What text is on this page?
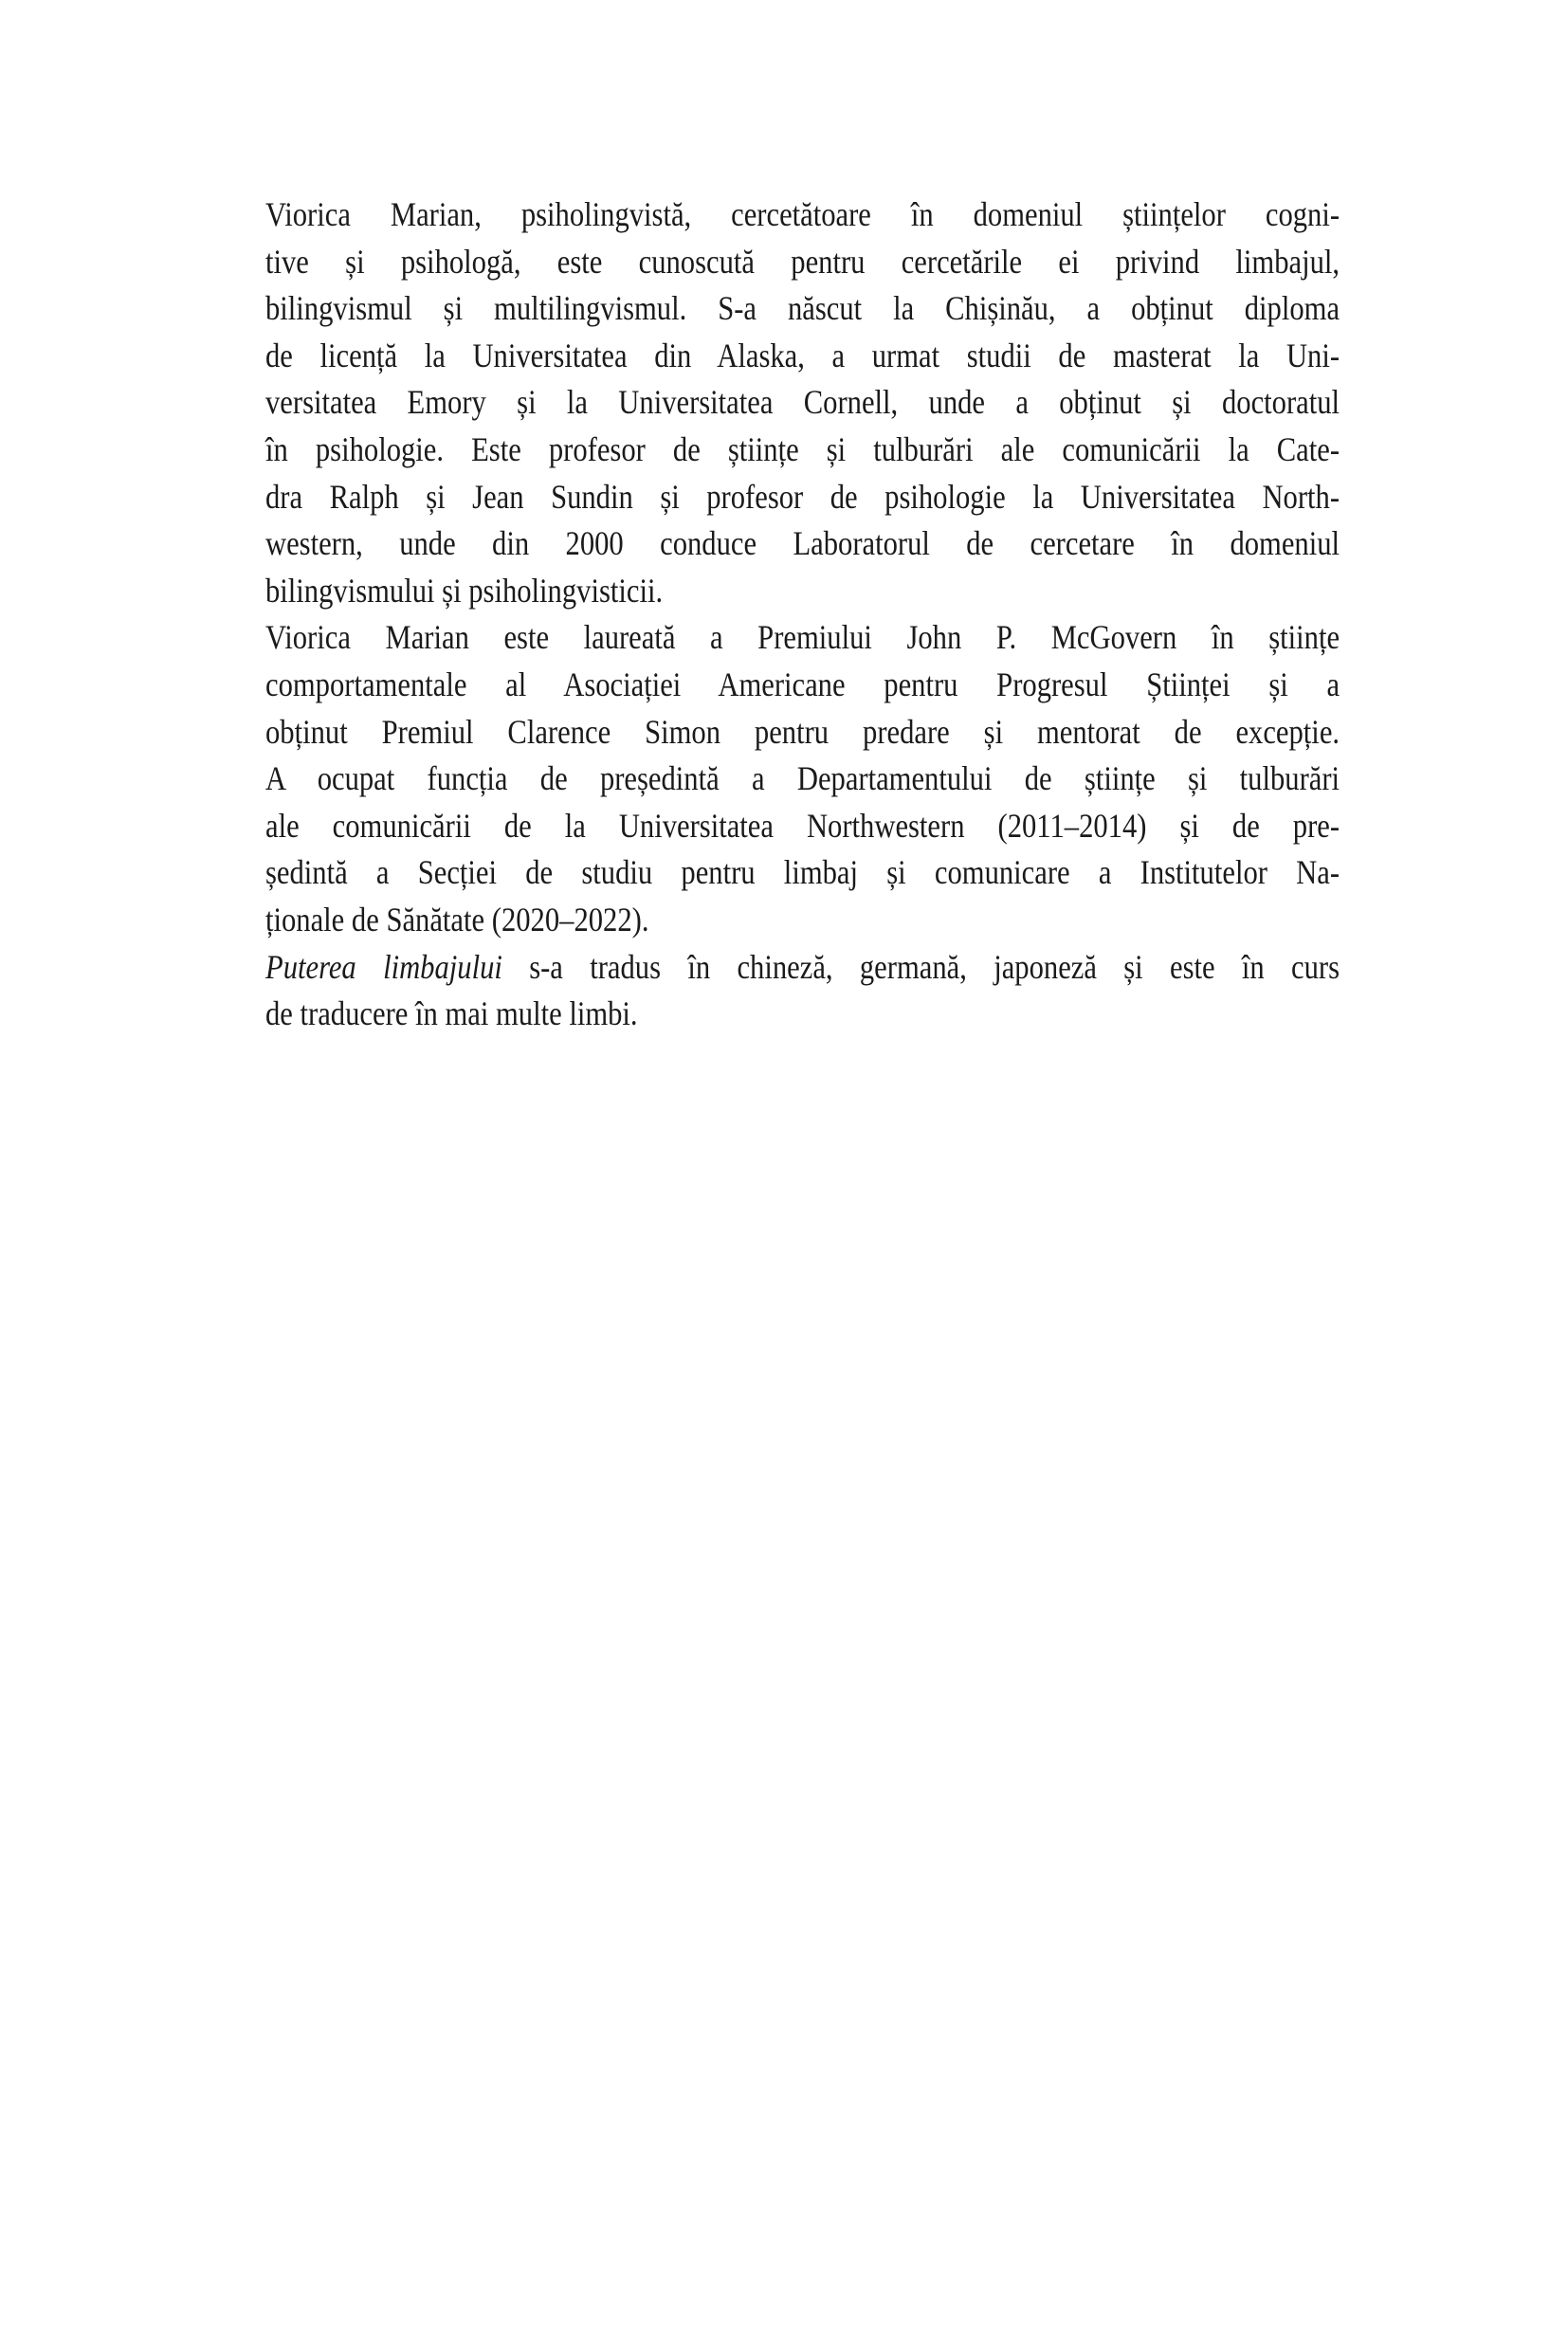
Viorica Marian, psiholingvistă, cercetătoare în domeniul științelor cogni-
tive și psihologă, este cunoscută pentru cercetările ei privind limbajul,
bilingvismul și multilingvismul. S-a născut la Chișinău, a obținut diploma
de licență la Universitatea din Alaska, a urmat studii de masterat la Uni-
versitatea Emory și la Universitatea Cornell, unde a obținut și doctoratul
în psihologie. Este profesor de științe și tulburări ale comunicării la Cate-
dra Ralph și Jean Sundin și profesor de psihologie la Universitatea North-
western, unde din 2000 conduce Laboratorul de cercetare în domeniul
bilingvismului și psiholingvisticii.
Viorica Marian este laureată a Premiului John P. McGovern în științe
comportamentale al Asociației Americane pentru Progresul Științei și a
obținut Premiul Clarence Simon pentru predare și mentorat de excepție.
A ocupat funcția de președintă a Departamentului de științe și tulburări
ale comunicării de la Universitatea Northwestern (2011–2014) și de pre-
ședintă a Secției de studiu pentru limbaj și comunicare a Institutelor Na-
ționale de Sănătate (2020–2022).
Puterea limbajului s-a tradus în chineză, germană, japoneză și este în curs
de traducere în mai multe limbi.
